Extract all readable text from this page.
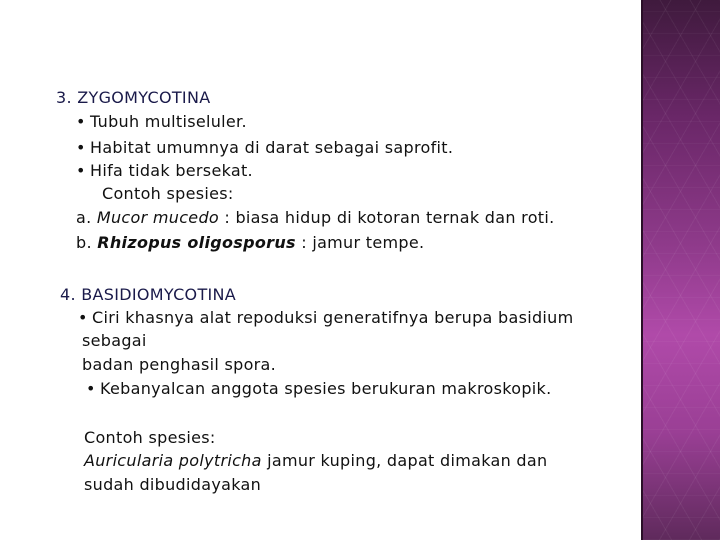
3. ZYGOMYCOTINA
• Tubuh multiseluler.
• Habitat umumnya di darat sebagai saprofit.
• Hifa tidak bersekat.
Contoh spesies:
a. Mucor mucedo : biasa hidup di kotoran ternak dan roti.
b. Rhizopus oligosporus : jamur tempe.
4. BASIDIOMYCOTINA
• Ciri khasnya alat repoduksi generatifnya berupa basidium
sebagai
badan penghasil spora.
• Kebanyalcan anggota spesies berukuran makroskopik.
Contoh spesies:
Auricularia polytricha jamur kuping, dapat dimakan dan
sudah dibudidayakan
